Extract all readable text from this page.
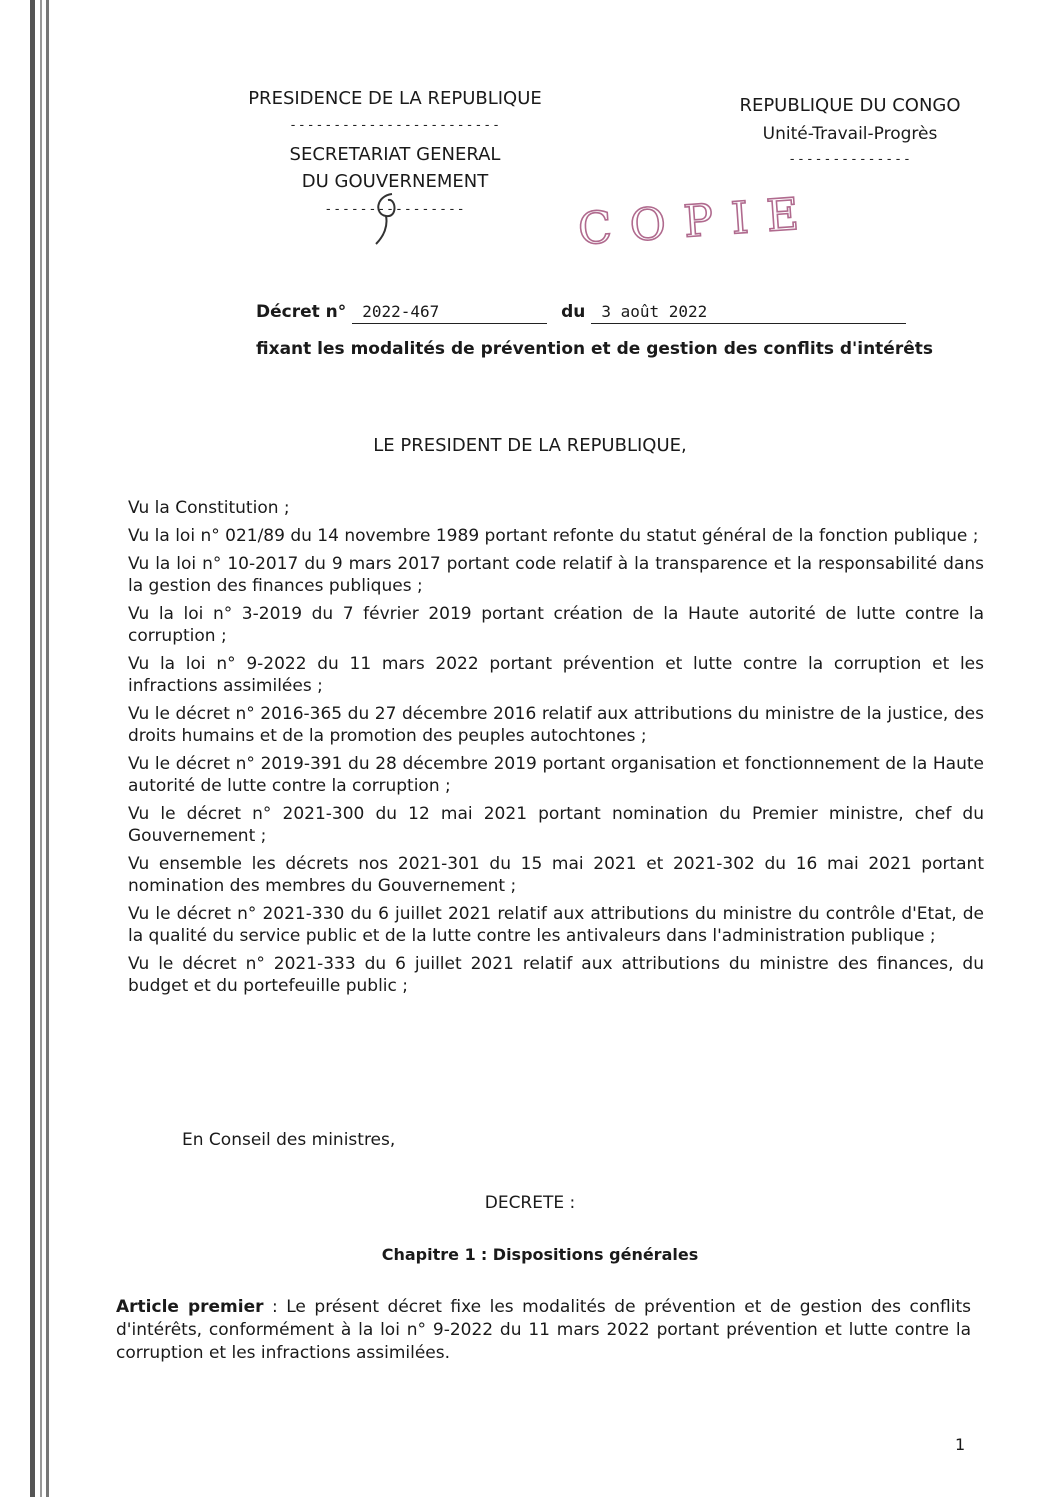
PRESIDENCE DE LA REPUBLIQUE
------------------------
SECRETARIAT GENERAL
DU GOUVERNEMENT
----------------
REPUBLIQUE DU CONGO
Unité-Travail-Progrès
--------------
COPIE
Décret n° 2022-467	du 3 août 2022
fixant les modalités de prévention et de gestion des conflits d'intérêts
LE PRESIDENT DE LA REPUBLIQUE,

Vu la Constitution ;

Vu la loi n° 021/89 du 14 novembre 1989 portant refonte du statut général de la fonction publique ;

Vu la loi n° 10-2017 du 9 mars 2017 portant code relatif à la transparence et la responsabilité dans la gestion des finances publiques ;

Vu la loi n° 3-2019 du 7 février 2019 portant création de la Haute autorité de lutte contre la corruption ;

Vu la loi n° 9-2022 du 11 mars 2022 portant prévention et lutte contre la corruption et les infractions assimilées ;

Vu le décret n° 2016-365 du 27 décembre 2016 relatif aux attributions du ministre de la justice, des droits humains et de la promotion des peuples autochtones ;

Vu le décret n° 2019-391 du 28 décembre 2019 portant organisation et fonctionnement de la Haute autorité de lutte contre la corruption ;

Vu le décret n° 2021-300 du 12 mai 2021 portant nomination du Premier ministre, chef du Gouvernement ;

Vu ensemble les décrets nos 2021-301 du 15 mai 2021 et 2021-302 du 16 mai 2021 portant nomination des membres du Gouvernement ;

Vu le décret n° 2021-330 du 6 juillet 2021 relatif aux attributions du ministre du contrôle d'Etat, de la qualité du service public et de la lutte contre les antivaleurs dans l'administration publique ;

Vu le décret n° 2021-333 du 6 juillet 2021 relatif aux attributions du ministre des finances, du budget et du portefeuille public ;

En Conseil des ministres,
DECRETE :
Chapitre 1 : Dispositions générales
Article premier : Le présent décret fixe les modalités de prévention et de gestion des conflits d'intérêts, conformément à la loi n° 9-2022 du 11 mars 2022 portant prévention et lutte contre la corruption et les infractions assimilées.
1
